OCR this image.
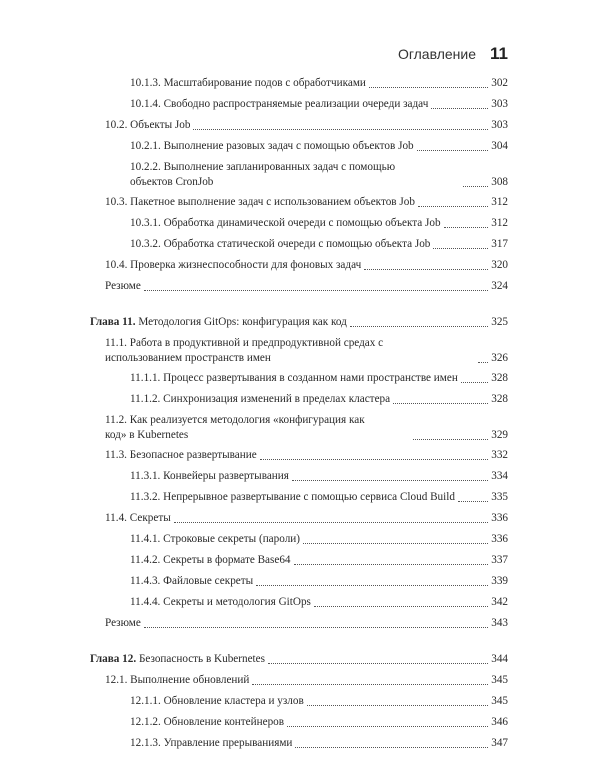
Оглавление 11
10.1.3. Масштабирование подов с обработчиками	302
10.1.4. Свободно распространяемые реализации очереди задач	303
10.2. Объекты Job	303
10.2.1. Выполнение разовых задач с помощью объектов Job	304
10.2.2. Выполнение запланированных задач с помощью объектов CronJob	308
10.3. Пакетное выполнение задач с использованием объектов Job	312
10.3.1. Обработка динамической очереди с помощью объекта Job	312
10.3.2. Обработка статической очереди с помощью объекта Job	317
10.4. Проверка жизнеспособности для фоновых задач	320
Резюме	324
Глава 11. Методология GitOps: конфигурация как код	325
11.1. Работа в продуктивной и предпродуктивной средах с использованием пространств имен	326
11.1.1. Процесс развертывания в созданном нами пространстве имен	328
11.1.2. Синхронизация изменений в пределах кластера	328
11.2. Как реализуется методология «конфигурация как код» в Kubernetes	329
11.3. Безопасное развертывание	332
11.3.1. Конвейеры развертывания	334
11.3.2. Непрерывное развертывание с помощью сервиса Cloud Build	335
11.4. Секреты	336
11.4.1. Строковые секреты (пароли)	336
11.4.2. Секреты в формате Base64	337
11.4.3. Файловые секреты	339
11.4.4. Секреты и методология GitOps	342
Резюме	343
Глава 12. Безопасность в Kubernetes	344
12.1. Выполнение обновлений	345
12.1.1. Обновление кластера и узлов	345
12.1.2. Обновление контейнеров	346
12.1.3. Управление прерываниями	347
